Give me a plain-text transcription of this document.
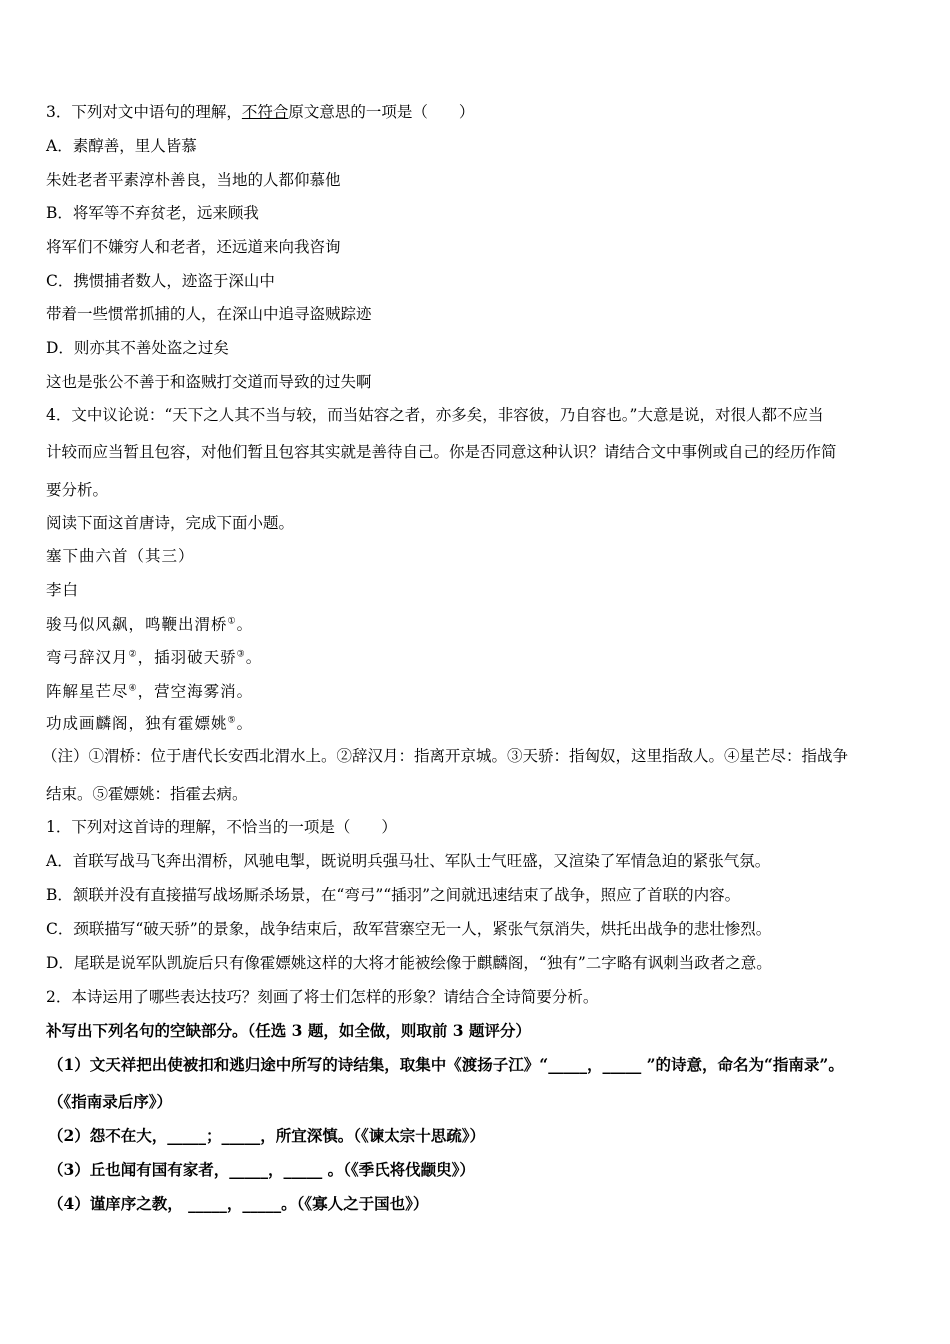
3．下列对文中语句的理解，不符合原文意思的一项是（　　）
A．素醇善，里人皆慕
朱姓老者平素淳朴善良，当地的人都仰慕他
B．将军等不弃贫老，远来顾我
将军们不嫌穷人和老者，还远道来向我咨询
C．携惯捕者数人，迹盗于深山中
带着一些惯常抓捕的人，在深山中追寻盗贼踪迹
D．则亦其不善处盗之过矣
这也是张公不善于和盗贼打交道而导致的过失啊
4．文中议论说：“天下之人其不当与较，而当姑容之者，亦多矣，非容彼，乃自容也。”大意是说，对很人都不应当
计较而应当暂且包容，对他们暂且包容其实就是善待自己。你是否同意这种认识？请结合文中事例或自己的经历作简
要分析。
阅读下面这首唐诗，完成下面小题。
塞下曲六首（其三）
李白
骏马似风飙，鸣鞭出渭桥①。
弯弓辞汉月②，插羽破天骄③。
阵解星芒尽④，营空海雾消。
功成画麟阁，独有霍嫖姚⑤。
（注）①渭桥：位于唐代长安西北渭水上。②辞汉月：指离开京城。③天骄：指匈奴，这里指敌人。④星芒尽：指战争
结束。⑤霍嫖姚：指霍去病。
1．下列对这首诗的理解，不恰当的一项是（　　）
A．首联写战马飞奔出渭桥，风驰电掣，既说明兵强马壮、军队士气旺盛，又渲染了军情急迫的紧张气氛。
B．颔联并没有直接描写战场厮杀场景，在“弯弓”“插羽”之间就迅速结束了战争，照应了首联的内容。
C．颈联描写“破天骄”的景象，战争结束后，敌军营寨空无一人，紧张气氛消失，烘托出战争的悲壮惨烈。
D．尾联是说军队凯旋后只有像霍嫖姚这样的大将才能被绘像于麒麟阁，“独有”二字略有讽刺当政者之意。
2．本诗运用了哪些表达技巧？刻画了将士们怎样的形象？请结合全诗简要分析。
补写出下列名句的空缺部分。（任选 3 题，如全做，则取前 3 题评分）
（1）文天祥把出使被扣和逃归途中所写的诗结集，取集中《渡扬子江》“_____，_____ ”的诗意，命名为“指南录”。
（《指南录后序》）
（2）怨不在大，_____；_____，所宜深慎。（《谏太宗十思疏》）
（3）丘也闻有国有家者，_____，_____ 。（《季氏将伐颛臾》）
（4）谨庠序之教， _____，_____。（《寡人之于国也》）
